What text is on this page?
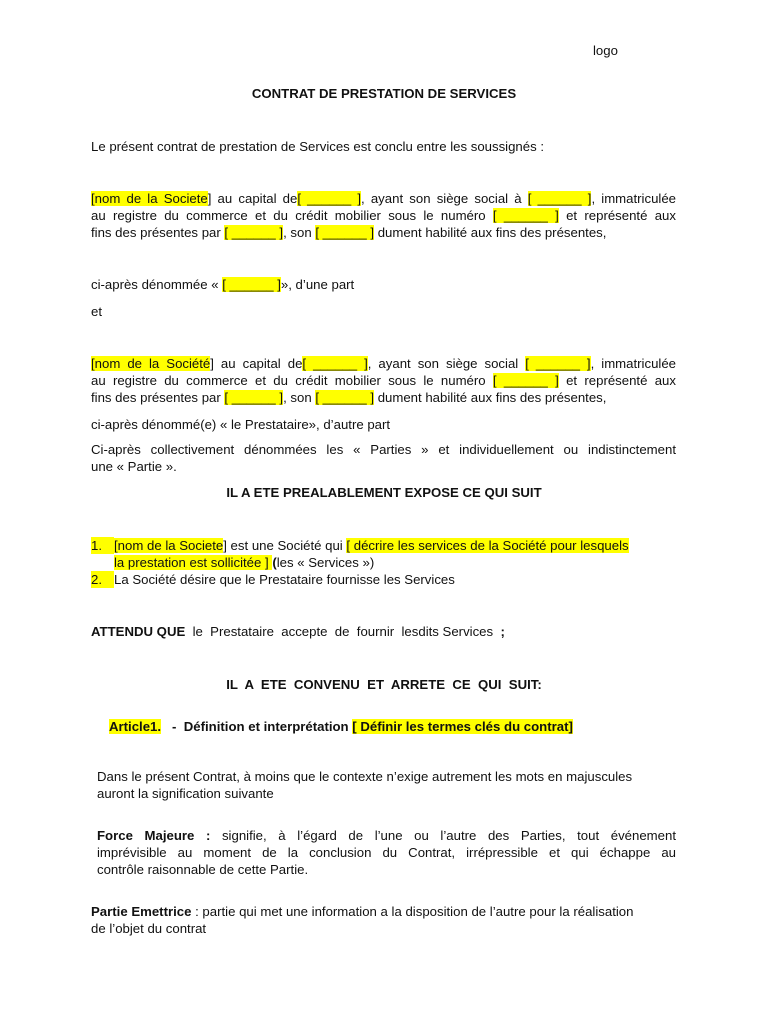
logo
CONTRAT DE PRESTATION DE SERVICES
Le présent contrat de prestation de Services est conclu entre les soussignés :
[nom de la Societe] au capital de[ ______ ], ayant son siège social à [ ______ ], immatriculée
au registre du commerce et du crédit mobilier sous le numéro [ ______ ] et représenté aux
fins des présentes par [ ______ ], son [ ______ ] dument habilité aux fins des présentes,
ci-après dénommée « [ ______ ]», d’une part
et
[nom de la Société] au capital de[ ______ ], ayant son siège social [ ______ ], immatriculée
au registre du commerce et du crédit mobilier sous le numéro [ ______ ] et représenté aux
fins des présentes par [ ______ ], son [ ______ ] dument habilité aux fins des présentes,
ci-après dénommé(e) « le Prestataire», d’autre part
Ci-après collectivement dénommées les « Parties » et individuellement ou indistinctement
une « Partie ».
IL A ETE PREALABLEMENT EXPOSE CE QUI SUIT
1. [nom de la Societe] est une Société qui [ décrire les services de la Société pour lesquels
la prestation est sollicitée ] (les « Services »)
2. La Société désire que le Prestataire fournisse les Services
ATTENDU QUE  le  Prestataire  accepte  de  fournir  lesdits Services  ;
IL  A  ETE  CONVENU  ET  ARRETE  CE  QUI  SUIT:
Article1.   -  Définition et interprétation [ Définir les termes clés du contrat]
Dans le présent Contrat, à moins que le contexte n’exige autrement les mots en majuscules
auront la signification suivante
Force Majeure : signifie, à l’égard de l’une ou l’autre des Parties, tout événement
imprévisible au moment de la conclusion du Contrat, irrépressible et qui échappe au
contrôle raisonnable de cette Partie.
Partie Emettrice : partie qui met une information a la disposition de l’autre pour la réalisation
de l’objet du contrat
